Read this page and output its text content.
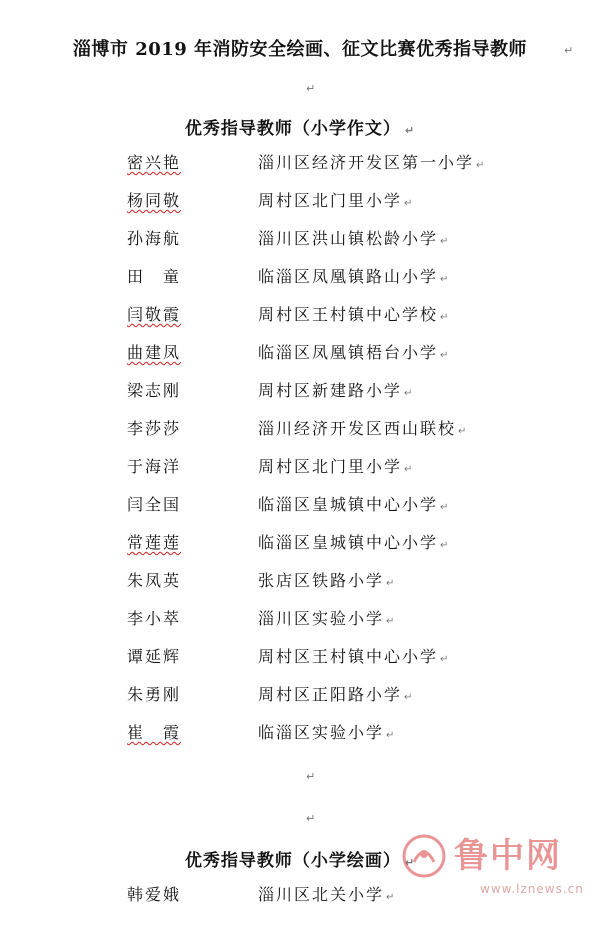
淄博市 2019 年消防安全绘画、征文比赛优秀指导教师	↵
↵
优秀指导教师（小学作文） ↵
密兴艳	淄川区经济开发区第一小学 ↵
杨同敬	周村区北门里小学 ↵
孙海航	淄川区洪山镇松龄小学 ↵
田　童	临淄区凤凰镇路山小学 ↵
闫敬霞	周村区王村镇中心学校 ↵
曲建凤	临淄区凤凰镇梧台小学 ↵
梁志刚	周村区新建路小学 ↵
李莎莎	淄川经济开发区西山联校 ↵
于海洋	周村区北门里小学 ↵
闫全国	临淄区皇城镇中心小学 ↵
常莲莲	临淄区皇城镇中心小学 ↵
朱凤英	张店区铁路小学 ↵
李小萃	淄川区实验小学 ↵
谭延辉	周村区王村镇中心小学 ↵
朱勇刚	周村区正阳路小学 ↵
崔　霞	临淄区实验小学 ↵
↵
↵
优秀指导教师（小学绘画） ↵
韩爱娥	淄川区北关小学 ↵
鲁中网
www.lznews.cn
